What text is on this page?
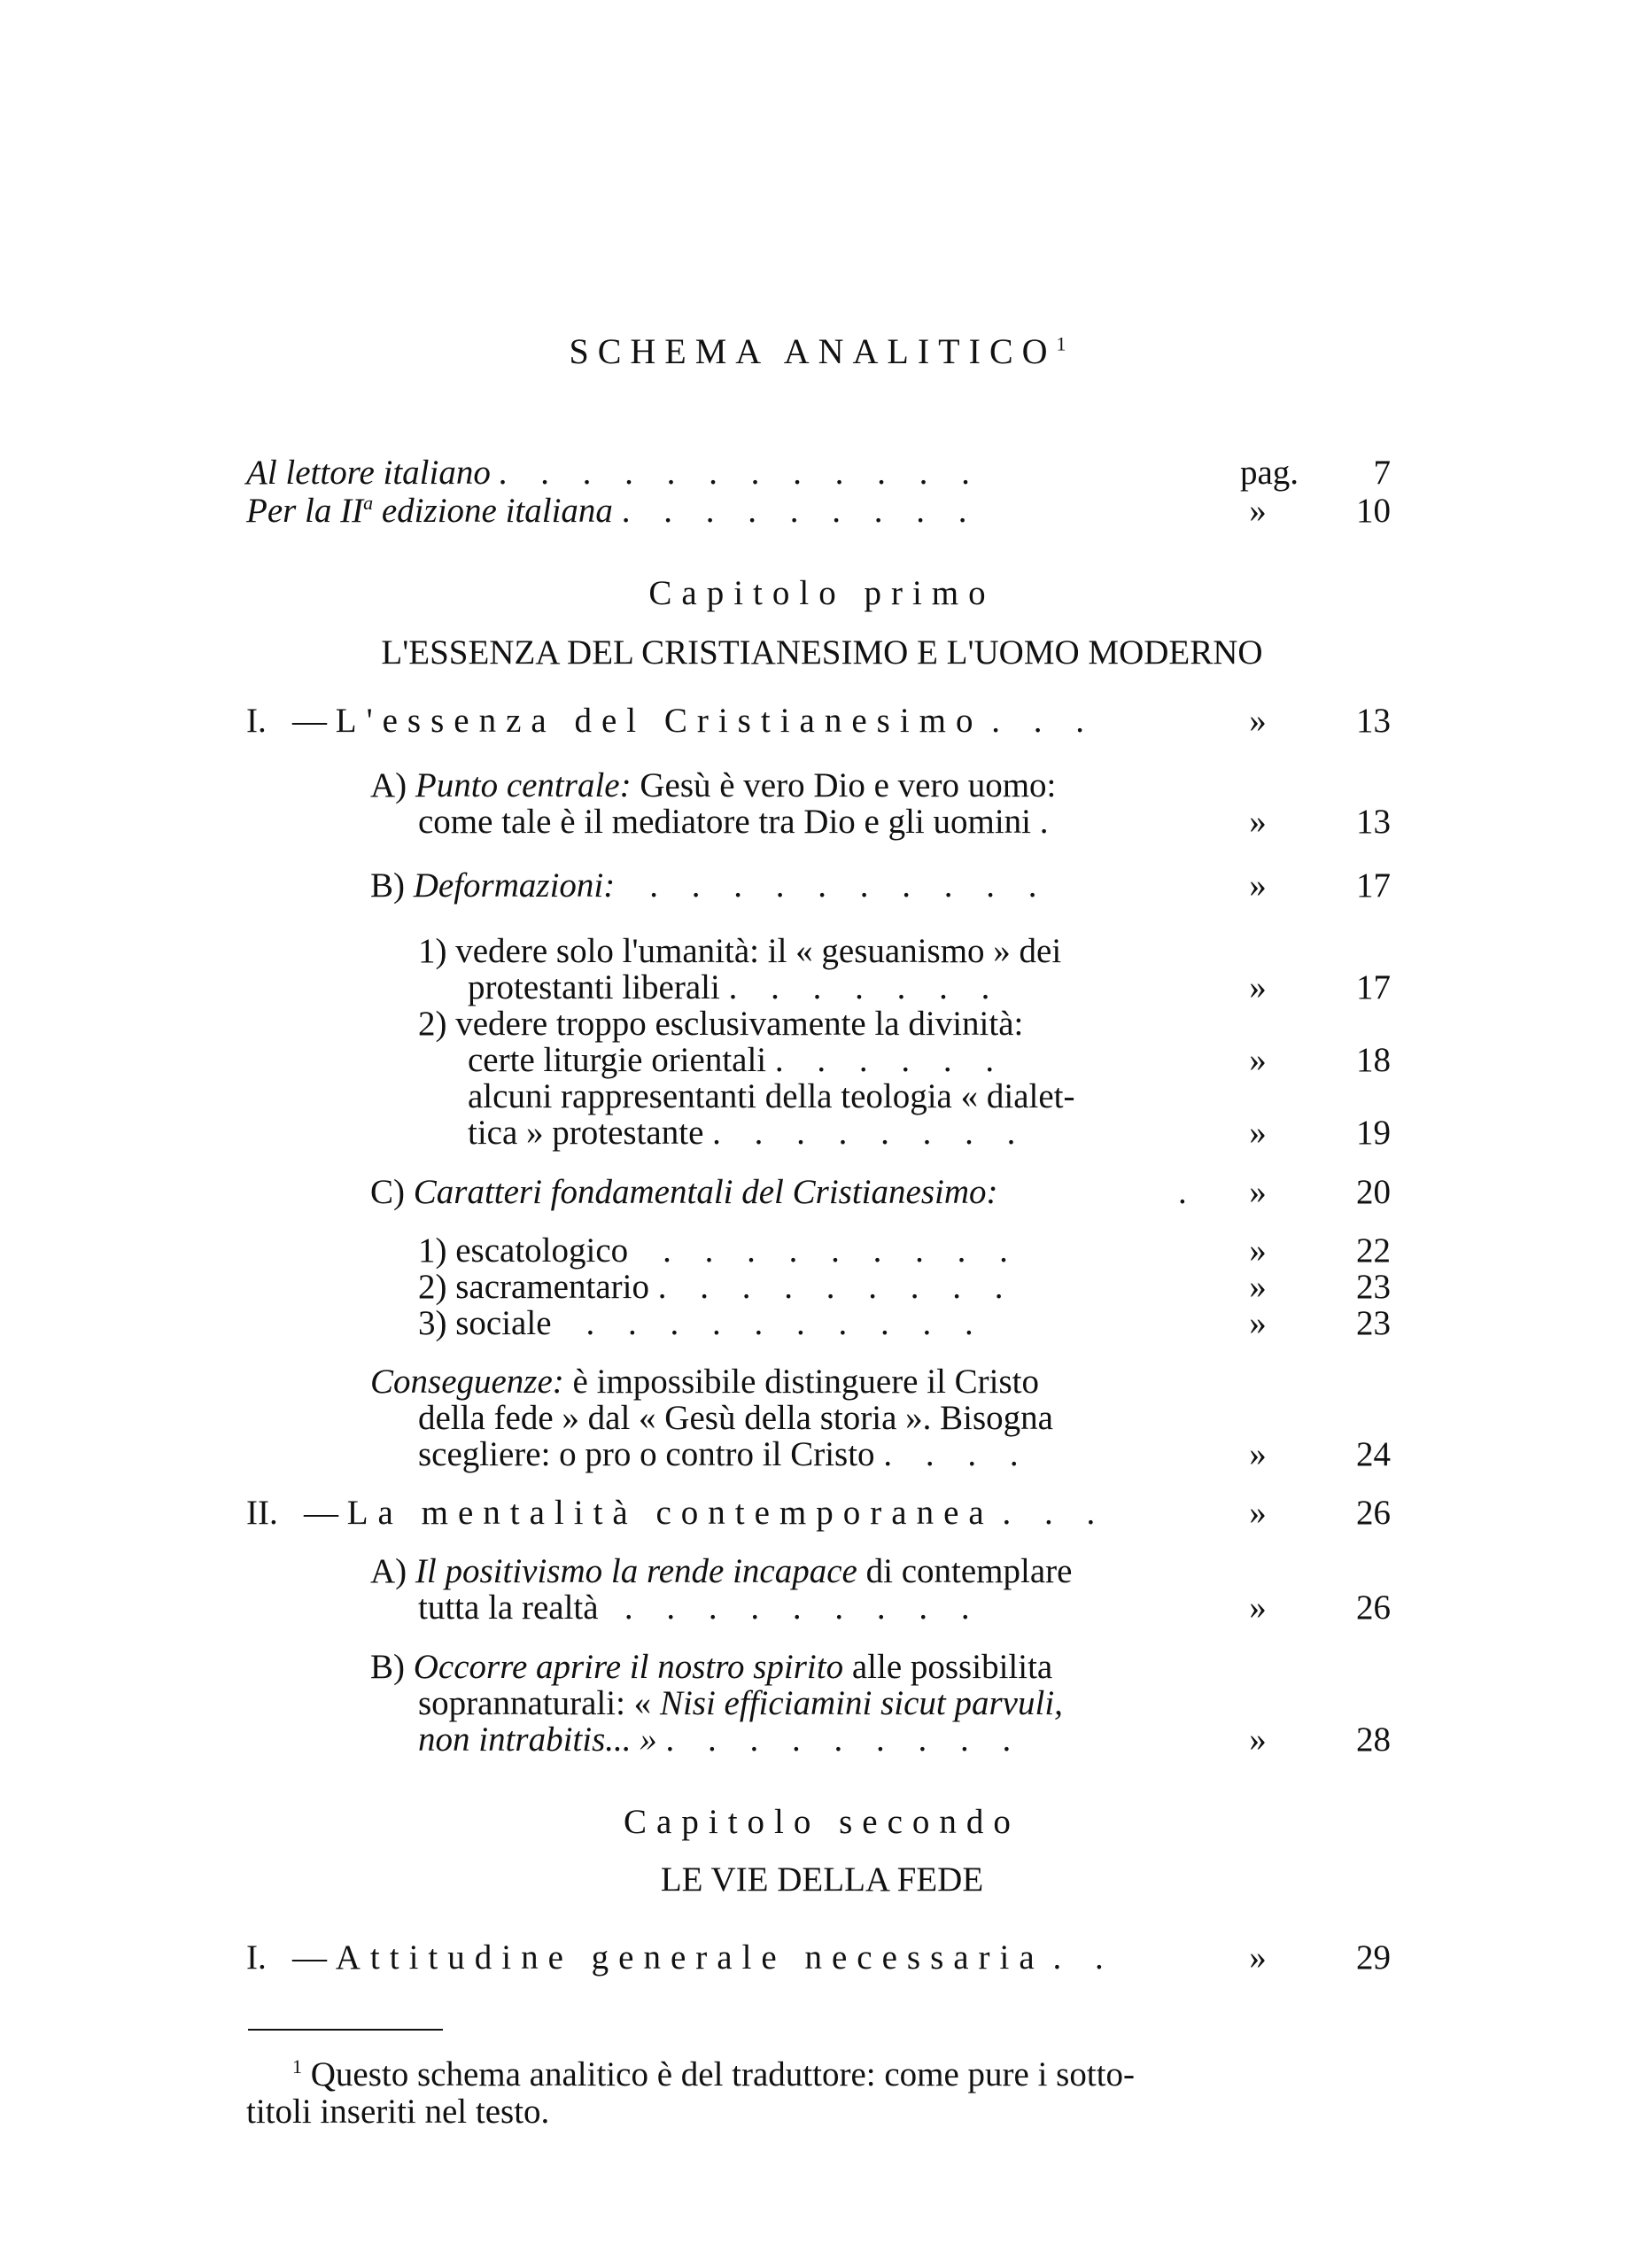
SCHEMA ANALITICO$^1$
Al lettore italiano . . . . . . . . . . . .	pag. 7
Per la $II^a$ edizione italiana . . . . . . . . .	»	10
Capitolo primo
L'ESSENZA DEL CRISTIANESIMO E L'UOMO MODERNO
I. — L'essenza del Cristianesimo . . .	»	13
A) Punto centrale: Gesù è vero Dio e vero uomo:
come tale è il mediatore tra Dio e gli uomini .	»	13
B) Deformazioni: . . . . . . . . . .	»	17
1) vedere solo l'umanità: il « gesuanismo » dei
protestanti liberali . . . . . . .	»	17
2) vedere troppo esclusivamente la divinità:
certe liturgie orientali . . . . . .	»	18
alcuni rappresentanti della teologia « dialet-
tica » protestante . . . . . . . .	»	19
C) Caratteri fondamentali del Cristianesimo:	. »	20
1) escatologico . . . . . . . . .	»	22
2) sacramentario . . . . . . . . .	»	23
3) sociale . . . . . . . . . .	»	23
Conseguenze: è impossibile distinguere il Cristo
della fede » dal « Gesù della storia ». Bisogna
scegliere: o pro o contro il Cristo . . . .	»	24
II. — La mentalità contemporanea . . .	»	26
A) Il positivismo la rende incapace di contemplare
tutta la realtà . . . . . . . . .	»	26
B) Occorre aprire il nostro spirito alle possibilita
soprannaturali: « Nisi efficiamini sicut parvuli,
non intrabitis... » . . . . . . . . .	»	28
Capitolo secondo
LE VIE DELLA FEDE
I. — Attitudine generale necessaria . .	»	29
$^1$ Questo schema analitico è del traduttore: come pure i sotto-
titoli inseriti nel testo.
